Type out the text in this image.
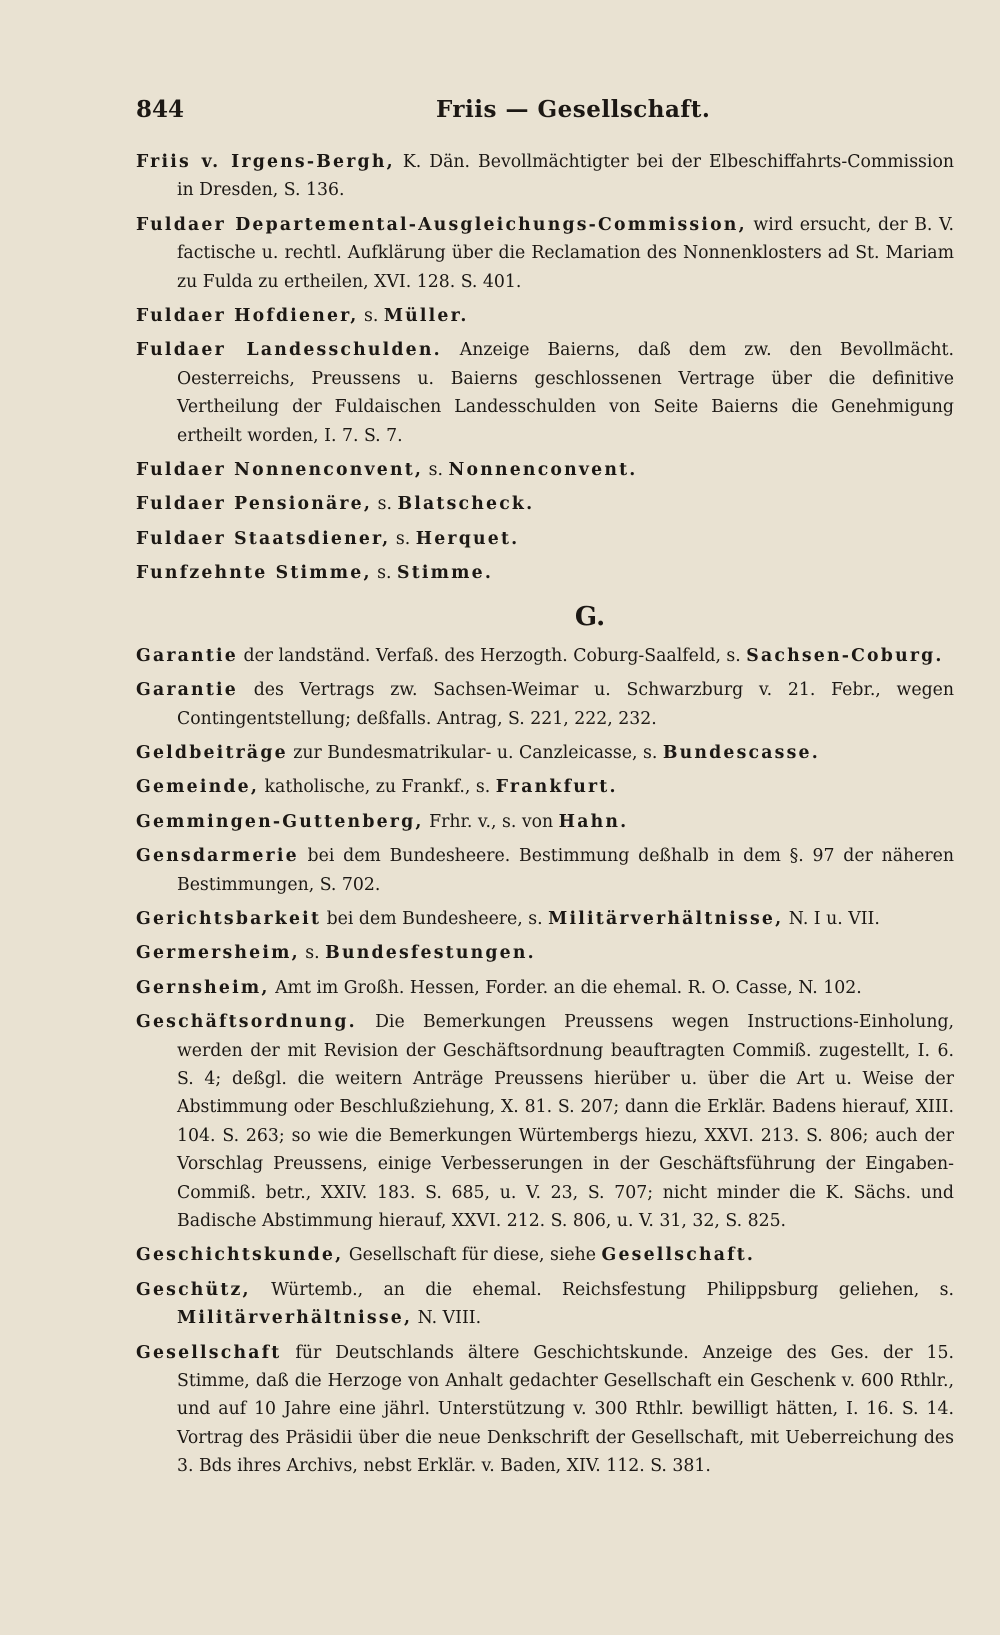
844	Friis — Gesellschaft.

Friis v. Irgens-Bergh, K. Dän. Bevollmächtigter bei der Elbeschiffahrts-Commission in Dresden, S. 136.

Fuldaer Departemental-Ausgleichungs-Commission, wird ersucht, der B. V. factische u. rechtl. Aufklärung über die Reclamation des Nonnenklosters ad St. Mariam zu Fulda zu ertheilen, XVI. 128. S. 401.

Fuldaer Hofdiener, s. Müller.

Fuldaer Landesschulden. Anzeige Baierns, daß dem zw. den Bevollmächt. Oesterreichs, Preussens u. Baierns geschlossenen Vertrage über die definitive Vertheilung der Fuldaischen Landesschulden von Seite Baierns die Genehmigung ertheilt worden, I. 7. S. 7.

Fuldaer Nonnenconvent, s. Nonnenconvent.

Fuldaer Pensionäre, s. Blatscheck.

Fuldaer Staatsdiener, s. Herquet.

Funfzehnte Stimme, s. Stimme.

G.

Garantie der landständ. Verfaß. des Herzogth. Coburg-Saalfeld, s. Sachsen-Coburg.

Garantie des Vertrags zw. Sachsen-Weimar u. Schwarzburg v. 21. Febr., wegen Contingentstellung; deßfalls. Antrag, S. 221, 222, 232.

Geldbeiträge zur Bundesmatrikular- u. Canzleicasse, s. Bundescasse.

Gemeinde, katholische, zu Frankf., s. Frankfurt.

Gemmingen-Guttenberg, Frhr. v., s. von Hahn.

Gensdarmerie bei dem Bundesheere. Bestimmung deßhalb in dem §. 97 der näheren Bestimmungen, S. 702.

Gerichtsbarkeit bei dem Bundesheere, s. Militärverhältnisse, N. I u. VII.

Germersheim, s. Bundesfestungen.

Gernsheim, Amt im Großh. Hessen, Forder. an die ehemal. R. O. Casse, N. 102.

Geschäftsordnung. Die Bemerkungen Preussens wegen Instructions-Einholung, werden der mit Revision der Geschäftsordnung beauftragten Commiß. zugestellt, I. 6. S. 4; deßgl. die weitern Anträge Preussens hierüber u. über die Art u. Weise der Abstimmung oder Beschlußziehung, X. 81. S. 207; dann die Erklär. Badens hierauf, XIII. 104. S. 263; so wie die Bemerkungen Würtembergs hiezu, XXVI. 213. S. 806; auch der Vorschlag Preussens, einige Verbesserungen in der Geschäftsführung der Eingaben-Commiß. betr., XXIV. 183. S. 685, u. V. 23, S. 707; nicht minder die K. Sächs. und Badische Abstimmung hierauf, XXVI. 212. S. 806, u. V. 31, 32, S. 825.

Geschichtskunde, Gesellschaft für diese, siehe Gesellschaft.

Geschütz, Würtemb., an die ehemal. Reichsfestung Philippsburg geliehen, s. Militärverhältnisse, N. VIII.

Gesellschaft für Deutschlands ältere Geschichtskunde. Anzeige des Ges. der 15. Stimme, daß die Herzoge von Anhalt gedachter Gesellschaft ein Geschenk v. 600 Rthlr., und auf 10 Jahre eine jährl. Unterstützung v. 300 Rthlr. bewilligt hätten, I. 16. S. 14. Vortrag des Präsidii über die neue Denkschrift der Gesellschaft, mit Ueberreichung des 3. Bds ihres Archivs, nebst Erklär. v. Baden, XIV. 112. S. 381.
